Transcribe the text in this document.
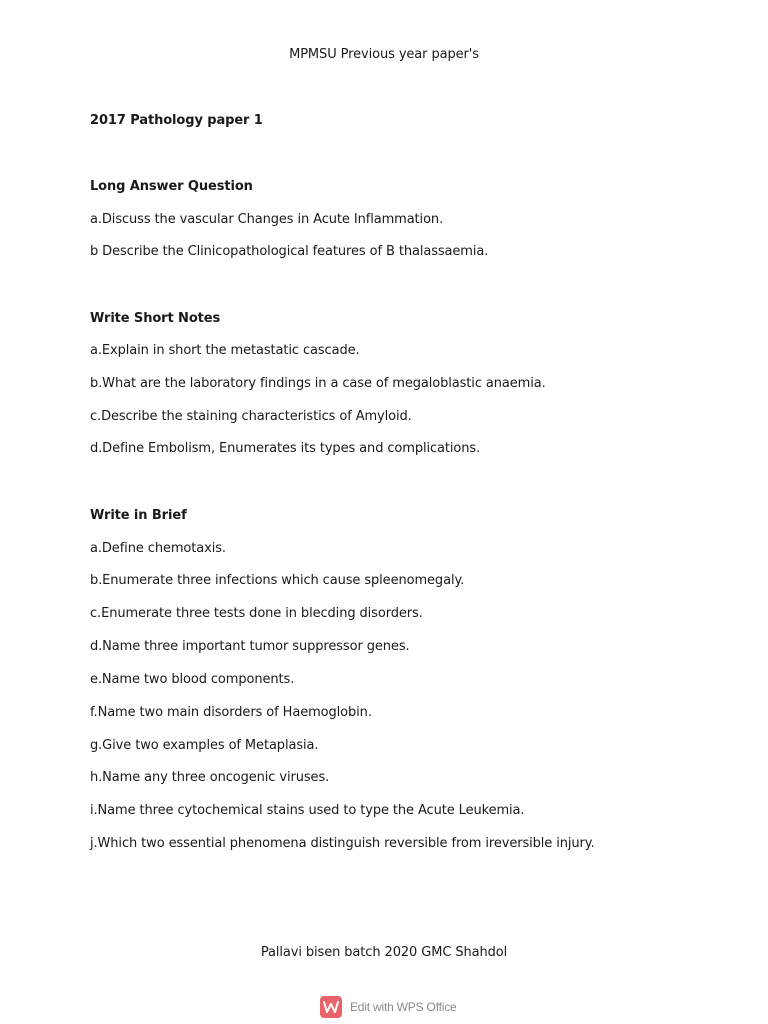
MPMSU Previous year paper's
2017 Pathology paper 1
Long Answer Question
a.Discuss the vascular Changes in Acute Inflammation.
b Describe the Clinicopathological features of B thalassaemia.
Write Short Notes
a.Explain in short the metastatic cascade.
b.What are the laboratory findings in a case of megaloblastic anaemia.
c.Describe the staining characteristics of Amyloid.
d.Define Embolism, Enumerates its types and complications.
Write in Brief
a.Define chemotaxis.
b.Enumerate three infections which cause spleenomegaly.
c.Enumerate three tests done in blecding disorders.
d.Name three important tumor suppressor genes.
e.Name two blood components.
f.Name two main disorders of Haemoglobin.
g.Give two examples of Metaplasia.
h.Name any three oncogenic viruses.
i.Name three cytochemical stains used to type the Acute Leukemia.
j.Which two essential phenomena distinguish reversible from ireversible injury.
Pallavi bisen batch 2020 GMC Shahdol
Edit with WPS Office
